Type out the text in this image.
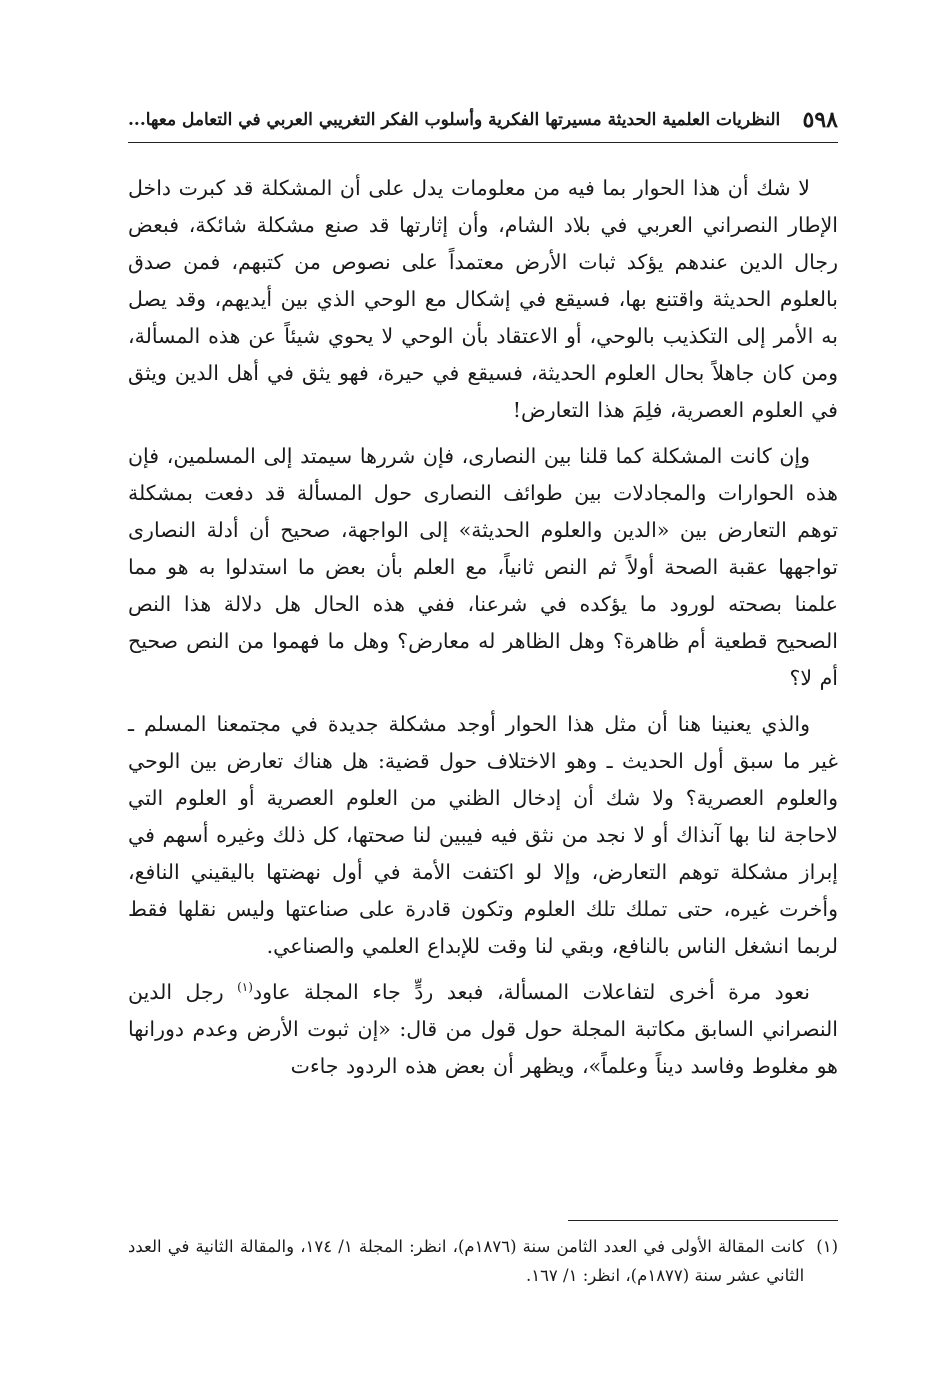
٥٩٨
النظريات العلمية الحديثة مسيرتها الفكرية وأسلوب الفكر التغريبي العربي في التعامل معها...

لا شك أن هذا الحوار بما فيه من معلومات يدل على أن المشكلة قد كبرت داخل الإطار النصراني العربي في بلاد الشام، وأن إثارتها قد صنع مشكلة شائكة، فبعض رجال الدين عندهم يؤكد ثبات الأرض معتمداً على نصوص من كتبهم، فمن صدق بالعلوم الحديثة واقتنع بها، فسيقع في إشكال مع الوحي الذي بين أيديهم، وقد يصل به الأمر إلى التكذيب بالوحي، أو الاعتقاد بأن الوحي لا يحوي شيئاً عن هذه المسألة، ومن كان جاهلاً بحال العلوم الحديثة، فسيقع في حيرة، فهو يثق في أهل الدين ويثق في العلوم العصرية، فلِمَ هذا التعارض!

وإن كانت المشكلة كما قلنا بين النصارى، فإن شررها سيمتد إلى المسلمين، فإن هذه الحوارات والمجادلات بين طوائف النصارى حول المسألة قد دفعت بمشكلة توهم التعارض بين «الدين والعلوم الحديثة» إلى الواجهة، صحيح أن أدلة النصارى تواجهها عقبة الصحة أولاً ثم النص ثانياً، مع العلم بأن بعض ما استدلوا به هو مما علمنا بصحته لورود ما يؤكده في شرعنا، ففي هذه الحال هل دلالة هذا النص الصحيح قطعية أم ظاهرة؟ وهل الظاهر له معارض؟ وهل ما فهموا من النص صحيح أم لا؟

والذي يعنينا هنا أن مثل هذا الحوار أوجد مشكلة جديدة في مجتمعنا المسلم ـ غير ما سبق أول الحديث ـ وهو الاختلاف حول قضية: هل هناك تعارض بين الوحي والعلوم العصرية؟ ولا شك أن إدخال الظني من العلوم العصرية أو العلوم التي لاحاجة لنا بها آنذاك أو لا نجد من نثق فيه فيبين لنا صحتها، كل ذلك وغيره أسهم في إبراز مشكلة توهم التعارض، وإلا لو اكتفت الأمة في أول نهضتها باليقيني النافع، وأخرت غيره، حتى تملك تلك العلوم وتكون قادرة على صناعتها وليس نقلها فقط لربما انشغل الناس بالنافع، وبقي لنا وقت للإبداع العلمي والصناعي.

نعود مرة أخرى لتفاعلات المسألة، فبعد ردٍّ جاء المجلة عاود$^{(١)}$ رجل الدين النصراني السابق مكاتبة المجلة حول قول من قال: «إن ثبوت الأرض وعدم دورانها هو مغلوط وفاسد ديناً وعلماً»، ويظهر أن بعض هذه الردود جاءت

(١)
كانت المقالة الأولى في العدد الثامن سنة (١٨٧٦م)، انظر: المجلة ١/ ١٧٤، والمقالة الثانية في العدد الثاني عشر سنة (١٨٧٧م)، انظر: ١/ ١٦٧.
